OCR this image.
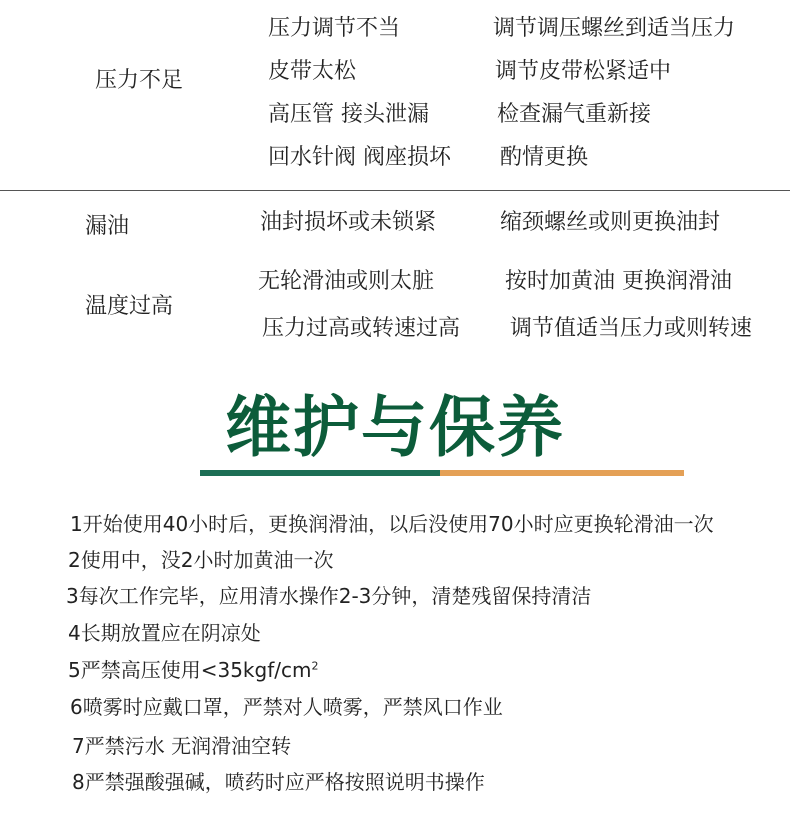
压力不足
压力调节不当
皮带太松
高压管 接头泄漏
回水针阀 阀座损坏
调节调压螺丝到适当压力
调节皮带松紧适中
检查漏气重新接
酌情更换
漏油	油封损坏或未锁紧	缩颈螺丝或则更换油封
温度过高
无轮滑油或则太脏
压力过高或转速过高
按时加黄油 更换润滑油
调节值适当压力或则转速
维护与保养
1开始使用40小时后，更换润滑油，以后没使用70小时应更换轮滑油一次
2使用中，没2小时加黄油一次
3每次工作完毕，应用清水操作2-3分钟，清楚残留保持清洁
4长期放置应在阴凉处
5严禁高压使用$<35kgf/cm^2$
6喷雾时应戴口罩，严禁对人喷雾，严禁风口作业
7严禁污水 无润滑油空转
8严禁强酸强碱，喷药时应严格按照说明书操作
